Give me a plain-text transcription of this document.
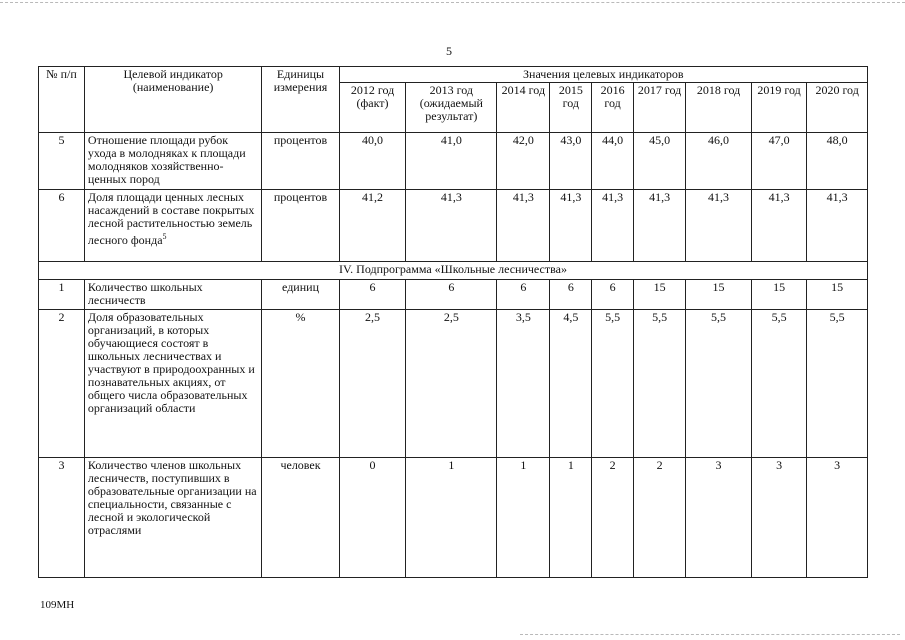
5
№ п/п	Целевой индикатор (наименование)	Единицы измерения	Значения целевых индикаторов								
			2012 год (факт)	2013 год (ожидаемый результат)	2014 год	2015 год	2016 год	2017 год	2018 год	2019 год	2020 год
5	Отношение площади рубок ухода в молодняках к площади молодняков хозяйственно-ценных пород	процентов	40,0	41,0	42,0	43,0	44,0	45,0	46,0	47,0	48,0
6	Доля площади ценных лесных насаждений в составе покрытых лесной растительностью земель лесного фонда$^5$	процентов	41,2	41,3	41,3	41,3	41,3	41,3	41,3	41,3	41,3
IV. Подпрограмма «Школьные лесничества»											
1	Количество школьных лесничеств	единиц	6	6	6	6	6	15	15	15	15
2	Доля образовательных организаций, в которых обучающиеся состоят в школьных лесничествах и участвуют в природоохранных и познавательных акциях, от общего числа образовательных организаций области	%	2,5	2,5	3,5	4,5	5,5	5,5	5,5	5,5	5,5
3	Количество членов школьных лесничеств, поступивших в образовательные организации на специальности, связанные с лесной и экологической отраслями	человек	0	1	1	1	2	2	3	3	3
109МН
